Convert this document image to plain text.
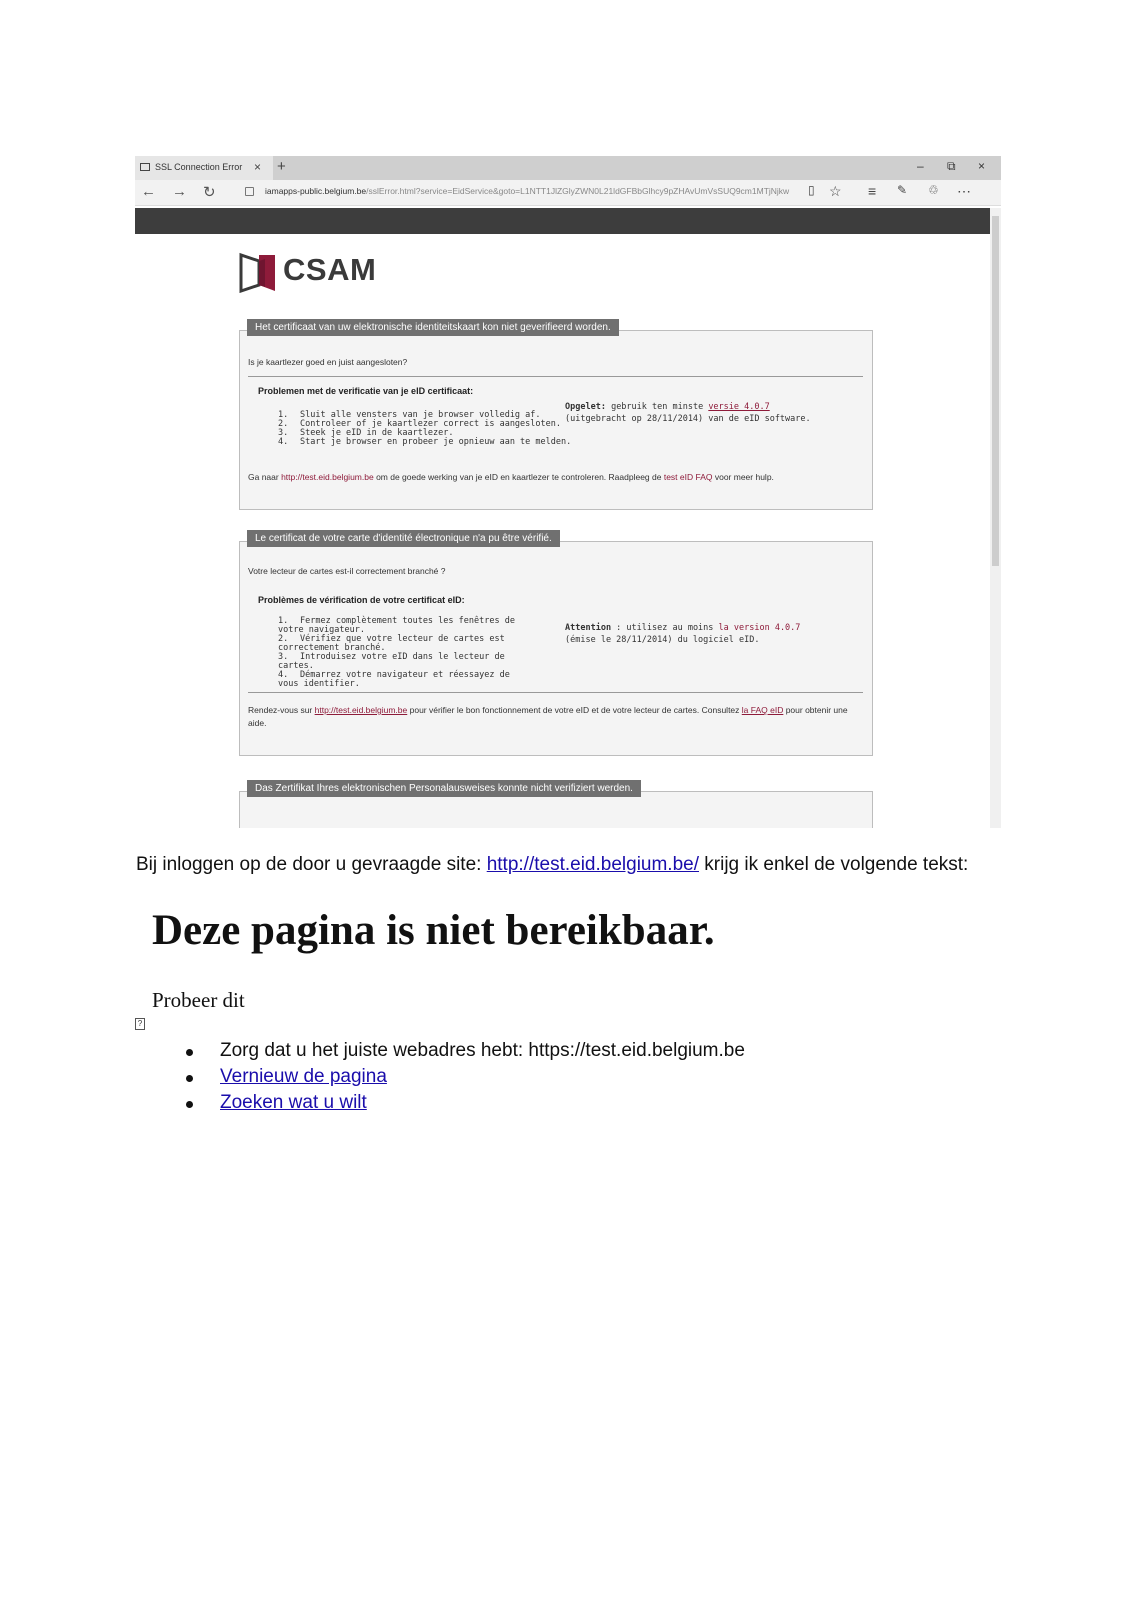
SSL Connection Error × +	– ⧉ ×
← → ↻	iamapps-public.belgium.be/sslError.html?service=EidService&goto=L1NTT1JlZGlyZWN0L21ldGFBbGlhcy9pZHAvUmVsSUQ9cm1MTjNjkw	▯ ☆ ≡ ✎ ♲ ⋯
CSAM
Het certificaat van uw elektronische identiteitskaart kon niet geverifieerd worden.
Is je kaartlezer goed en juist aangesloten?
Problemen met de verificatie van je eID certificaat:
1. Sluit alle vensters van je browser volledig af.
2. Controleer of je kaartlezer correct is aangesloten.
3. Steek je eID in de kaartlezer.
4. Start je browser en probeer je opnieuw aan te melden.
Opgelet: gebruik ten minste versie 4.0.7 (uitgebracht op 28/11/2014) van de eID software.
Ga naar http://test.eid.belgium.be om de goede werking van je eID en kaartlezer te controleren. Raadpleeg de test eID FAQ voor meer hulp.
Le certificat de votre carte d'identité électronique n'a pu être vérifié.
Votre lecteur de cartes est-il correctement branché ?
Problèmes de vérification de votre certificat eID:
1. Fermez complètement toutes les fenêtres de votre navigateur.
2. Vérifiez que votre lecteur de cartes est correctement branché.
3. Introduisez votre eID dans le lecteur de cartes.
4. Démarrez votre navigateur et réessayez de vous identifier.
Attention : utilisez au moins la version 4.0.7 (émise le 28/11/2014) du logiciel eID.
Rendez-vous sur http://test.eid.belgium.be pour vérifier le bon fonctionnement de votre eID et de votre lecteur de cartes. Consultez la FAQ eID pour obtenir une aide.
Das Zertifikat Ihres elektronischen Personalausweises konnte nicht verifiziert werden.
Bij inloggen op de door u gevraagde site: http://test.eid.belgium.be/ krijg ik enkel de volgende tekst:
Deze pagina is niet bereikbaar.
Probeer dit
?
Zorg dat u het juiste webadres hebt: https://test.eid.belgium.be
Vernieuw de pagina
Zoeken wat u wilt
